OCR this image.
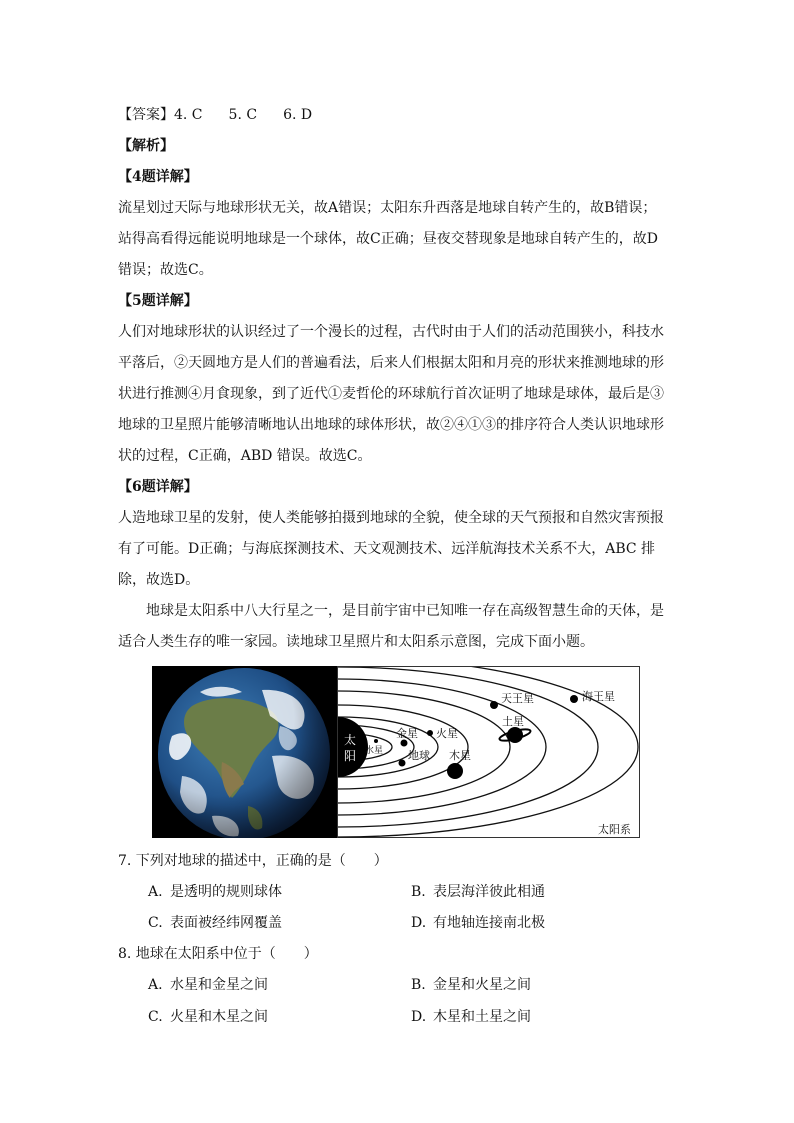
【答案】4. C 5. C 6. D
【解析】
【4题详解】
流星划过天际与地球形状无关，故A错误；太阳东升西落是地球自转产生的，故B错误；
站得高看得远能说明地球是一个球体，故C正确；昼夜交替现象是地球自转产生的，故D
错误；故选C。
【5题详解】
人们对地球形状的认识经过了一个漫长的过程，古代时由于人们的活动范围狭小，科技水
平落后，②天圆地方是人们的普遍看法，后来人们根据太阳和月亮的形状来推测地球的形
状进行推测④月食现象，到了近代①麦哲伦的环球航行首次证明了地球是球体，最后是③
地球的卫星照片能够清晰地认出地球的球体形状，故②④①③的排序符合人类认识地球形
状的过程，C正确，ABD 错误。故选C。
【6题详解】
人造地球卫星的发射，使人类能够拍摄到地球的全貌，使全球的天气预报和自然灾害预报
有了可能。D正确；与海底探测技术、天文观测技术、远洋航海技术关系不大，ABC 排
除，故选D。
地球是太阳系中八大行星之一，是目前宇宙中已知唯一存在高级智慧生命的天体，是
适合人类生存的唯一家园。读地球卫星照片和太阳系示意图，完成下面小题。
太
阳 水星
金星
地球
火星
木星
土星
天王星	海王星
太阳系
7. 下列对地球的描述中，正确的是（　　）
A. 是透明的规则球体	B. 表层海洋彼此相通
C. 表面被经纬网覆盖	D. 有地轴连接南北极
8. 地球在太阳系中位于（　　）
A. 水星和金星之间	B. 金星和火星之间
C. 火星和木星之间	D. 木星和土星之间
